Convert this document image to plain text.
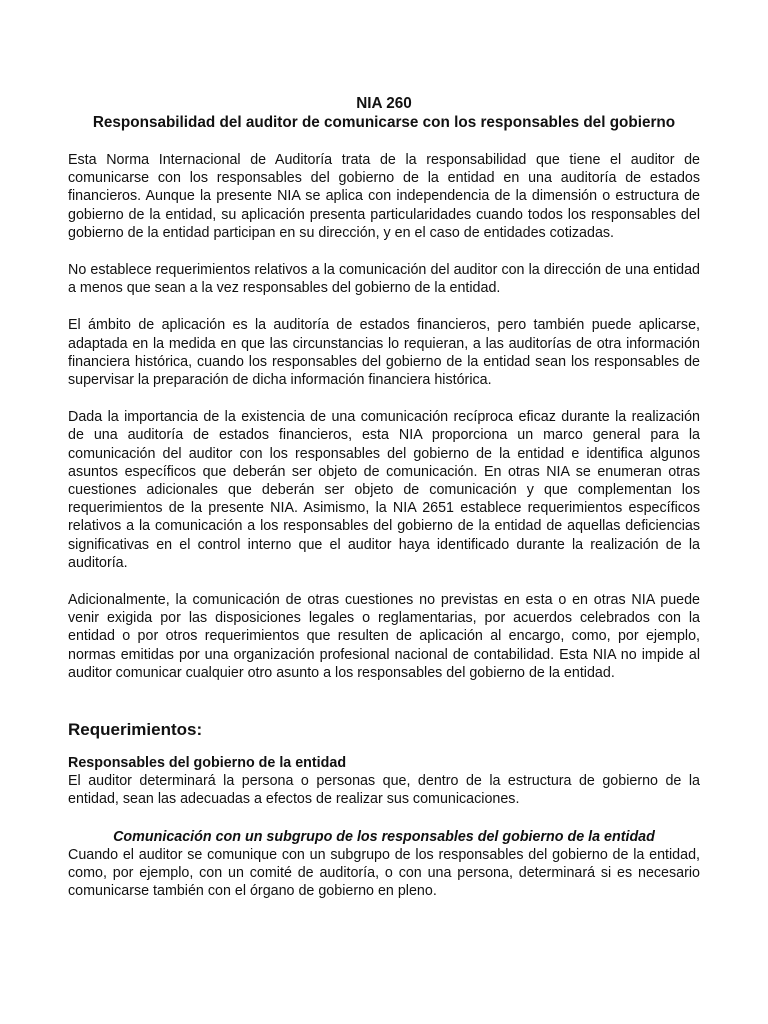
NIA 260
Responsabilidad del auditor de comunicarse con los responsables del gobierno

Esta Norma Internacional de Auditoría trata de la responsabilidad que tiene el auditor de comunicarse con los responsables del gobierno de la entidad en una auditoría de estados financieros. Aunque la presente NIA se aplica con independencia de la dimensión o estructura de gobierno de la entidad, su aplicación presenta particularidades cuando todos los responsables del gobierno de la entidad participan en su dirección, y en el caso de entidades cotizadas.

No establece requerimientos relativos a la comunicación del auditor con la dirección de una entidad a menos que sean a la vez responsables del gobierno de la entidad.

El ámbito de aplicación es la auditoría de estados financieros, pero también puede aplicarse, adaptada en la medida en que las circunstancias lo requieran, a las auditorías de otra información financiera histórica, cuando los responsables del gobierno de la entidad sean los responsables de supervisar la preparación de dicha información financiera histórica.

Dada la importancia de la existencia de una comunicación recíproca eficaz durante la realización de una auditoría de estados financieros, esta NIA proporciona un marco general para la comunicación del auditor con los responsables del gobierno de la entidad e identifica algunos asuntos específicos que deberán ser objeto de comunicación. En otras NIA se enumeran otras cuestiones adicionales que deberán ser objeto de comunicación y que complementan los requerimientos de la presente NIA. Asimismo, la NIA 2651 establece requerimientos específicos relativos a la comunicación a los responsables del gobierno de la entidad de aquellas deficiencias significativas en el control interno que el auditor haya identificado durante la realización de la auditoría.

Adicionalmente, la comunicación de otras cuestiones no previstas en esta o en otras NIA puede venir exigida por las disposiciones legales o reglamentarias, por acuerdos celebrados con la entidad o por otros requerimientos que resulten de aplicación al encargo, como, por ejemplo, normas emitidas por una organización profesional nacional de contabilidad. Esta NIA no impide al auditor comunicar cualquier otro asunto a los responsables del gobierno de la entidad.

Requerimientos:
Responsables del gobierno de la entidad

El auditor determinará la persona o personas que, dentro de la estructura de gobierno de la entidad, sean las adecuadas a efectos de realizar sus comunicaciones.

Comunicación con un subgrupo de los responsables del gobierno de la entidad

Cuando el auditor se comunique con un subgrupo de los responsables del gobierno de la entidad, como, por ejemplo, con un comité de auditoría, o con una persona, determinará si es necesario comunicarse también con el órgano de gobierno en pleno.
